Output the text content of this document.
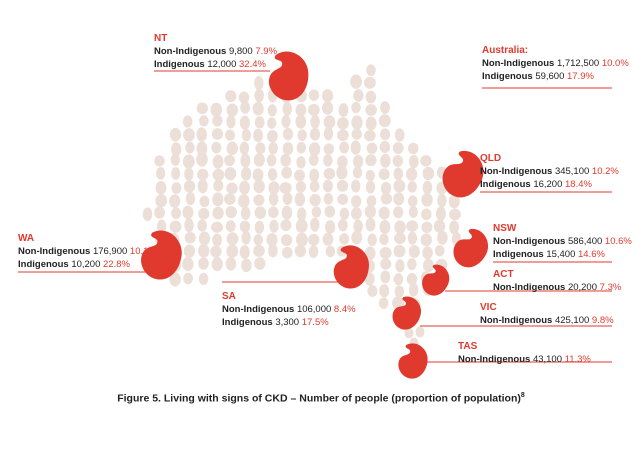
NT
Non-Indigenous 9,800 7.9%
Indigenous 12,000 32.4%
Australia:
Non-Indigenous 1,712,500 10.0%
Indigenous 59,600 17.9%
QLD
Non-Indigenous 345,100 10.2%
Indigenous 16,200 18.4%
WA
Non-Indigenous 176,900 10.1%
Indigenous 10,200 22.8%
NSW
Non-Indigenous 586,400 10.6%
Indigenous 15,400 14.6%
ACT
Non-Indigenous 20,200 7.3%
SA
Non-Indigenous 106,000 8.4%
Indigenous 3,300 17.5%
VIC
Non-Indigenous 425,100 9.8%
TAS
Non-Indigenous 43,100 11.3%
Figure 5. Living with signs of CKD – Number of people (proportion of population)$^8$
